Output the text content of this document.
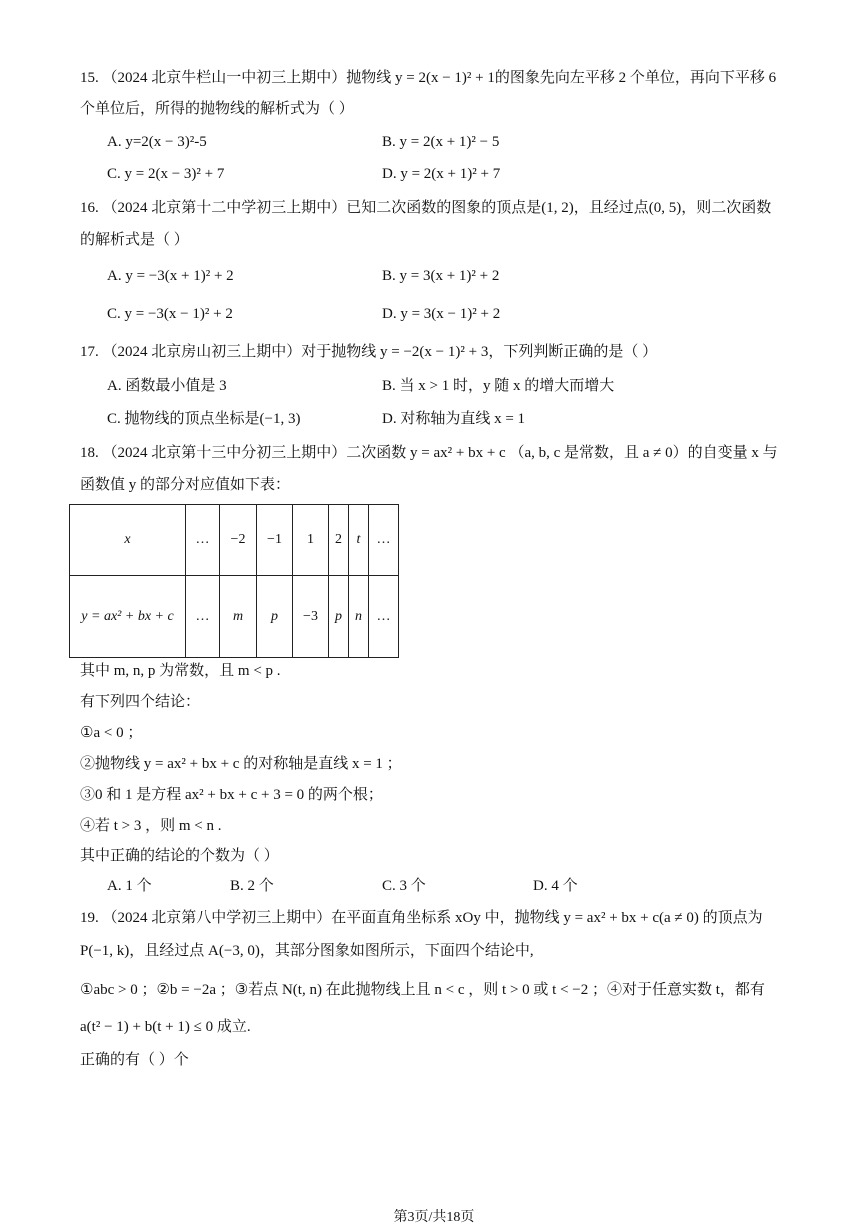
15. （2024 北京牛栏山一中初三上期中）抛物线 y = 2(x − 1)² + 1的图象先向左平移 2 个单位，再向下平移 6
个单位后，所得的抛物线的解析式为（ ）
A. y=2(x − 3)²-5	B. y = 2(x + 1)² − 5
C. y = 2(x − 3)² + 7	D. y = 2(x + 1)² + 7
16. （2024 北京第十二中学初三上期中）已知二次函数的图象的顶点是(1, 2)，且经过点(0, 5)，则二次函数
的解析式是（ ）
A. y = −3(x + 1)² + 2	B. y = 3(x + 1)² + 2
C. y = −3(x − 1)² + 2	D. y = 3(x − 1)² + 2
17. （2024 北京房山初三上期中）对于抛物线 y = −2(x − 1)² + 3，下列判断正确的是（ ）
A. 函数最小值是 3	B. 当 x > 1 时，y 随 x 的增大而增大
C. 抛物线的顶点坐标是(−1, 3)	D. 对称轴为直线 x = 1
18. （2024 北京第十三中分初三上期中）二次函数 y = ax² + bx + c （a, b, c 是常数，且 a ≠ 0）的自变量 x 与
函数值 y 的部分对应值如下表：
x	…	−2	−1	1	2	t	…
y = ax² + bx + c	…	m	p	−3	p	n	…
其中 m, n, p 为常数，且 m < p .
有下列四个结论：
①a < 0 ；
②抛物线 y = ax² + bx + c 的对称轴是直线 x = 1 ；
③0 和 1 是方程 ax² + bx + c + 3 = 0 的两个根；
④若 t > 3 ，则 m < n .
其中正确的结论的个数为（ ）
A. 1 个	B. 2 个	C. 3 个	D. 4 个
19. （2024 北京第八中学初三上期中）在平面直角坐标系 xOy 中，抛物线 y = ax² + bx + c(a ≠ 0) 的顶点为
P(−1, k)，且经过点 A(−3, 0)，其部分图象如图所示，下面四个结论中,
①abc > 0 ；②b = −2a ；③若点 N(t, n) 在此抛物线上且 n < c ，则 t > 0 或 t < −2 ；④对于任意实数 t，都有
a(t² − 1) + b(t + 1) ≤ 0 成立.
正确的有（ ）个
第3页/共18页
